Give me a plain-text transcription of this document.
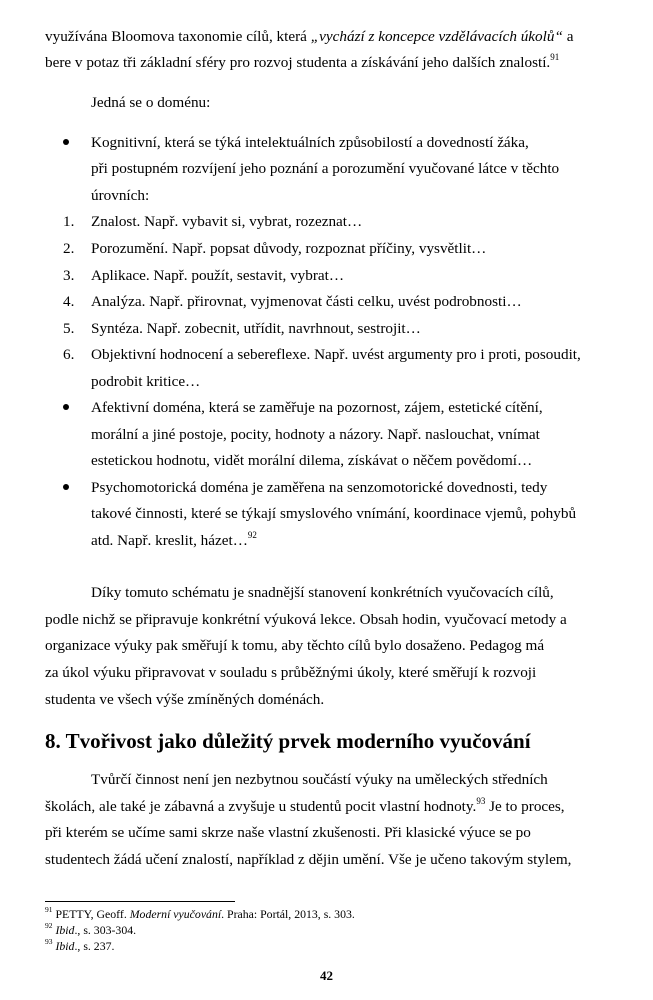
využívána Bloomova taxonomie cílů, která „vychází z koncepce vzdělávacích úkolů“ a
bere v potaz tři základní sféry pro rozvoj studenta a získávání jeho dalších znalostí.$^{91}$
Jedná se o doménu:
Kognitivní, která se týká intelektuálních způsobilostí a dovedností žáka,
při postupném rozvíjení jeho poznání a porozumění vyučované látce v těchto
úrovních:
1. Znalost. Např. vybavit si, vybrat, rozeznat…
2. Porozumění. Např. popsat důvody, rozpoznat příčiny, vysvětlit…
3. Aplikace. Např. použít, sestavit, vybrat…
4. Analýza. Např. přirovnat, vyjmenovat části celku, uvést podrobnosti…
5. Syntéza. Např. zobecnit, utřídit, navrhnout, sestrojit…
6. Objektivní hodnocení a sebereflexe. Např. uvést argumenty pro i proti, posoudit,
podrobit kritice…
Afektivní doména, která se zaměřuje na pozornost, zájem, estetické cítění,
morální a jiné postoje, pocity, hodnoty a názory. Např. naslouchat, vnímat
estetickou hodnotu, vidět morální dilema, získávat o něčem povědomí…
Psychomotorická doména je zaměřena na senzomotorické dovednosti, tedy
takové činnosti, které se týkají smyslového vnímání, koordinace vjemů, pohybů
atd. Např. kreslit, házet…$^{92}$
Díky tomuto schématu je snadnější stanovení konkrétních vyučovacích cílů,
podle nichž se připravuje konkrétní výuková lekce. Obsah hodin, vyučovací metody a
organizace výuky pak směřují k tomu, aby těchto cílů bylo dosaženo. Pedagog má
za úkol výuku připravovat v souladu s průběžnými úkoly, které směřují k rozvoji
studenta ve všech výše zmíněných doménách.
8. Tvořivost jako důležitý prvek moderního vyučování
Tvůrčí činnost není jen nezbytnou součástí výuky na uměleckých středních
školách, ale také je zábavná a zvyšuje u studentů pocit vlastní hodnoty.$^{93}$ Je to proces,
při kterém se učíme sami skrze naše vlastní zkušenosti. Při klasické výuce se po
studentech žádá učení znalostí, například z dějin umění. Vše je učeno takovým stylem,
$^{91}$ PETTY, Geoff. Moderní vyučování. Praha: Portál, 2013, s. 303.
$^{92}$ Ibid., s. 303-304.
$^{93}$ Ibid., s. 237.
42
